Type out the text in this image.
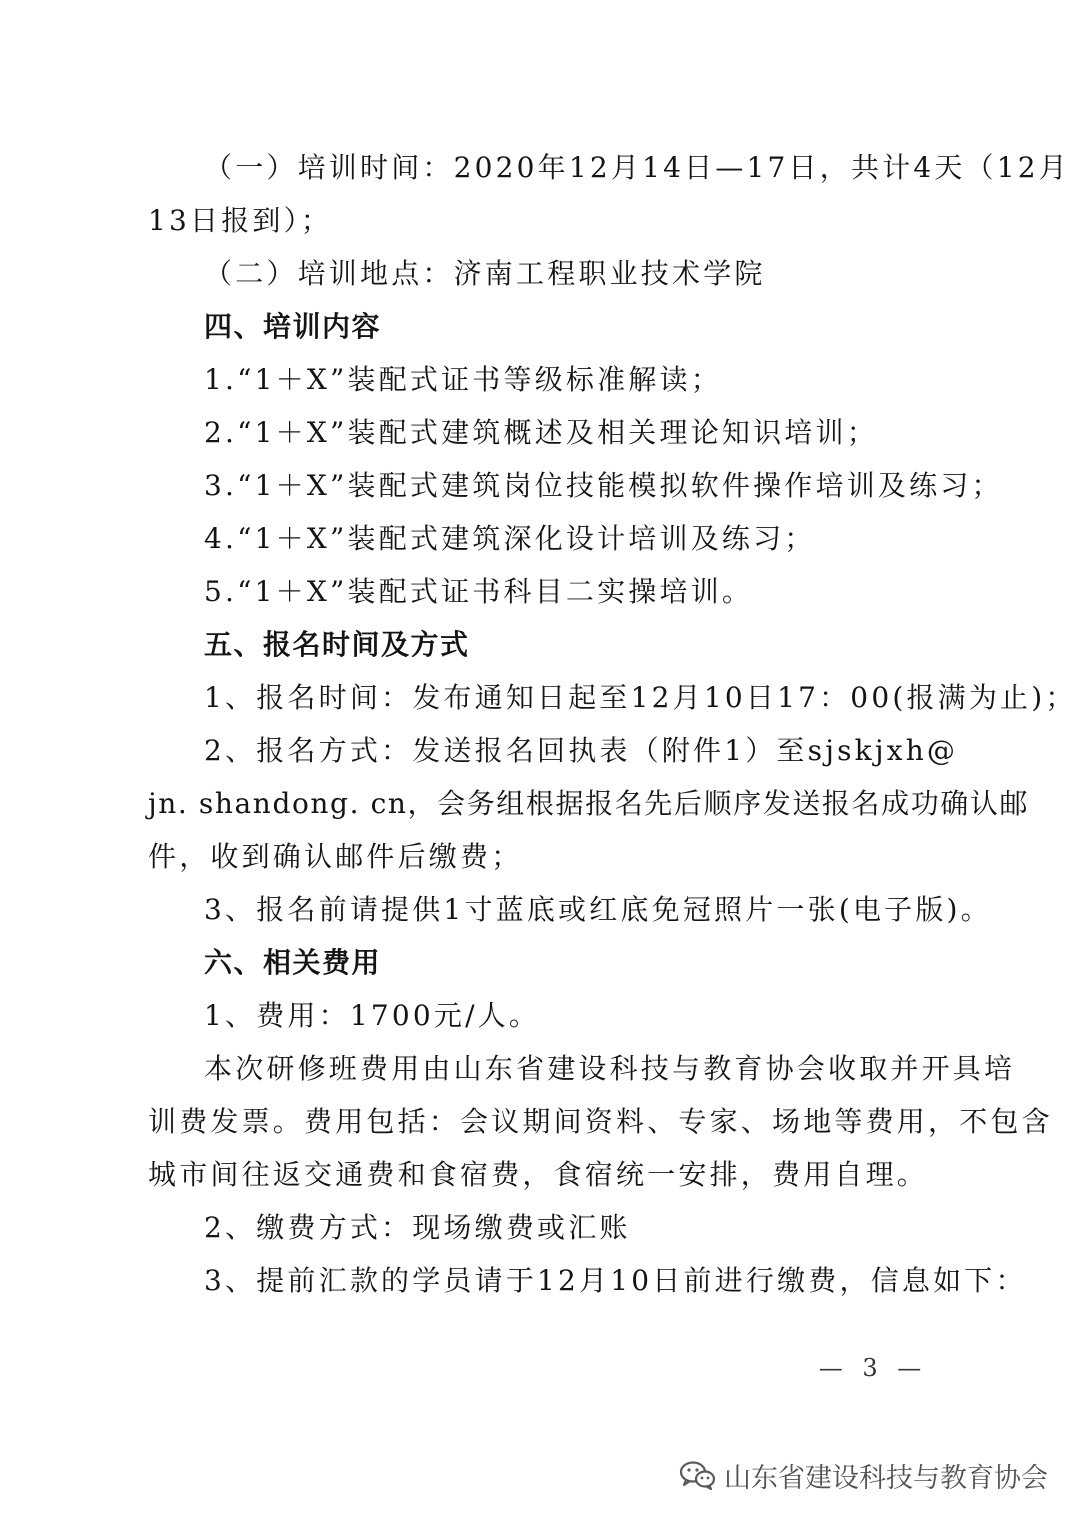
（一）培训时间：2020年12月14日—17日，共计4天（12月
13日报到）；
（二）培训地点：济南工程职业技术学院
四、培训内容
1.“1＋X”装配式证书等级标准解读；
2.“1＋X”装配式建筑概述及相关理论知识培训；
3.“1＋X”装配式建筑岗位技能模拟软件操作培训及练习；
4.“1＋X”装配式建筑深化设计培训及练习；
5.“1＋X”装配式证书科目二实操培训。
五、报名时间及方式
1、报名时间：发布通知日起至12月10日17：00(报满为止)；
2、报名方式：发送报名回执表（附件1）至sjskjxh@
jn. shandong. cn，会务组根据报名先后顺序发送报名成功确认邮
件，收到确认邮件后缴费；
3、报名前请提供1寸蓝底或红底免冠照片一张(电子版)。
六、相关费用
1、费用：1700元/人。
本次研修班费用由山东省建设科技与教育协会收取并开具培
训费发票。费用包括：会议期间资料、专家、场地等费用，不包含
城市间往返交通费和食宿费，食宿统一安排，费用自理。
2、缴费方式：现场缴费或汇账
3、提前汇款的学员请于12月10日前进行缴费，信息如下：
— 3 —
山东省建设科技与教育协会
